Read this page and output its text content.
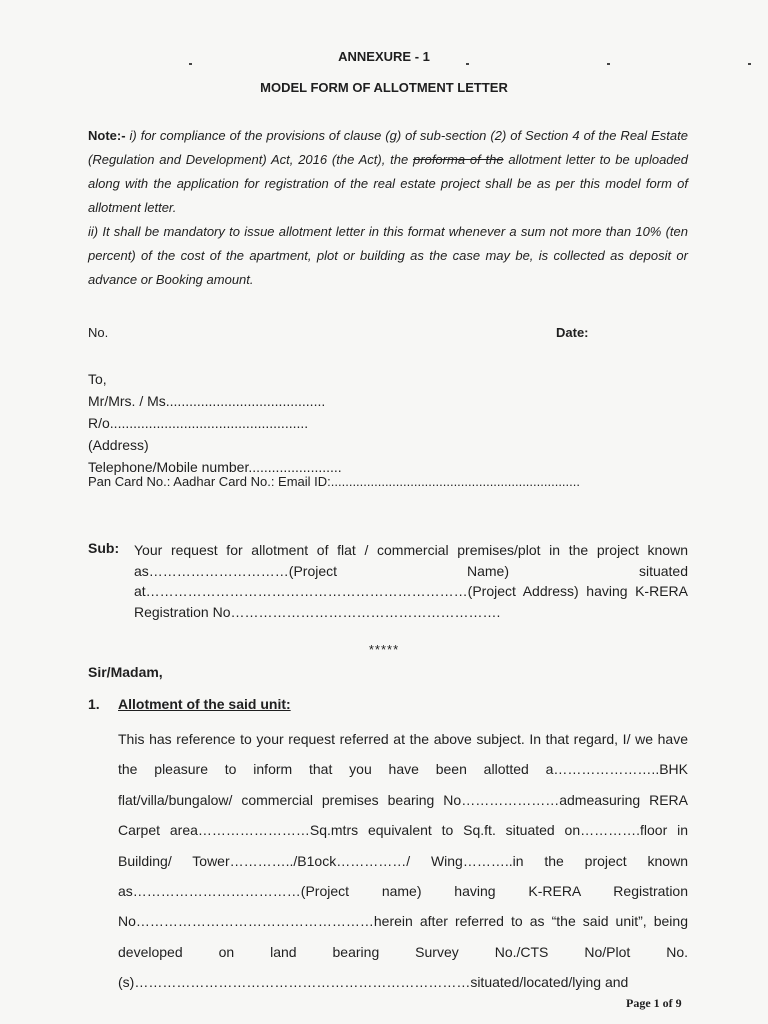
ANNEXURE - 1
MODEL FORM OF ALLOTMENT LETTER
Note:- i) for compliance of the provisions of clause (g) of sub-section (2) of Section 4 of the Real Estate (Regulation and Development) Act, 2016 (the Act), the proforma of the allotment letter to be uploaded along with the application for registration of the real estate project shall be as per this model form of allotment letter.
ii) It shall be mandatory to issue allotment letter in this format whenever a sum not more than 10% (ten percent) of the cost of the apartment, plot or building as the case may be, is collected as deposit or advance or Booking amount.
No.	Date:
To,
Mr/Mrs. / Ms.........................................
R/o...................................................
(Address)
Telephone/Mobile number........................
Pan Card No.: Aadhar Card No.: Email ID:.....................................................................
Sub: Your request for allotment of flat / commercial premises/plot in the project known as…………………………(Project Name) situated at……………………………………………………………(Project Address) having K-RERA Registration No………………………………………………….
*****
Sir/Madam,
1. Allotment of the said unit:
This has reference to your request referred at the above subject. In that regard, I/ we have the pleasure to inform that you have been allotted a…………………..BHK flat/villa/bungalow/ commercial premises bearing No…………………admeasuring RERA Carpet area……………………Sq.mtrs equivalent to Sq.ft. situated on………….floor in Building/ Tower…………../B1ock……………/ Wing………..in the project known as………………………………(Project name) having K-RERA Registration No……………………………………………herein after referred to as “the said unit”, being developed on land bearing Survey No./CTS No/Plot No.(s)………………………………………………………………situated/located/lying and
Page 1 of 9
